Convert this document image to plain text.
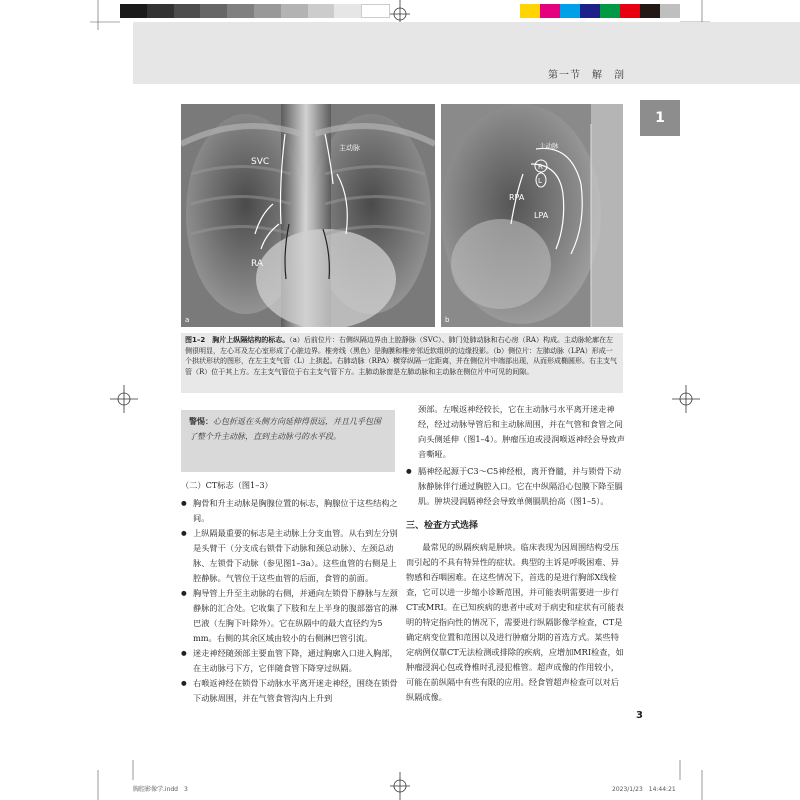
第一节　解　剖
1
SVC
主动脉
RA
a
主动脉
R
L
RPA
LPA
b
图1–2　胸片上纵隔结构的标志。（a）后前位片：右侧纵隔边界由上腔静脉（SVC）、肺门处肺动脉和右心房（RA）构成。主动脉轮廓在左侧很明显，左心耳及左心室形成了心脏边界。椎旁线（黑色）是胸膜和椎旁邻近软组织的边缘投影。（b）侧位片：左肺动脉（LPA）形成一个拱状形状的图形，在左主支气管（L）上拱起。右肺动脉（RPA）横穿纵隔一定距离，并在侧位片中端部出现，从而形成椭圆形。右主支气管（R）位于其上方。左主支气管位于右主支气管下方。主肺动脉窗是左肺动脉和主动脉在侧位片中可见的间隙。
警惕：心包折返在头侧方向延伸得很远，并且几乎包围了整个升主动脉，直到主动脉弓的水平段。

（二）CT标志（图1–3）

● 胸骨和升主动脉是胸腺位置的标志，胸腺位于这些结构之间。

● 上纵隔最重要的标志是主动脉上分支血管。从右到左分别是头臂干（分支成右锁骨下动脉和颈总动脉）、左颈总动脉、左锁骨下动脉（参见图1–3a）。这些血管的右侧是上腔静脉。气管位于这些血管的后面，食管的前面。

● 胸导管上升至主动脉的右侧，并通向左锁骨下静脉与左颈静脉的汇合处。它收集了下肢和左上半身的腹部器官的淋巴液（左胸下叶除外）。它在纵隔中的最大直径约为5 mm。右侧的其余区域由较小的右侧淋巴管引流。

● 迷走神经随颈部主要血管下降，通过胸廓入口进入胸部，在主动脉弓下方，它伴随食管下降穿过纵隔。

● 右喉返神经在锁骨下动脉水平离开迷走神经，围绕在锁骨下动脉周围，并在气管食管沟内上升到

颈部。左喉返神经较长，它在主动脉弓水平离开迷走神经，经过动脉导管后和主动脉周围，并在气管和食管之间向头侧延伸（图1–4）。肿瘤压迫或浸润喉返神经会导致声音嘶哑。

● 膈神经起源于C3～C5神经根，离开脊髓，并与锁骨下动脉静脉伴行通过胸腔入口。它在中纵隔沿心包膜下降至膈肌。肿块浸润膈神经会导致单侧膈肌抬高（图1–5）。

三、检查方式选择

最常见的纵隔疾病是肿块。临床表现为因周围结构受压而引起的不具有特异性的症状。典型的主诉是呼吸困难、异物感和吞咽困难。在这些情况下，首选的是进行胸部X线检查，它可以进一步缩小诊断范围，并可能表明需要进一步行CT或MRI。在已知疾病的患者中或对于病史和症状有可能表明的特定指向性的情况下，需要进行纵隔影像学检查，CT是确定病变位置和范围以及进行肿瘤分期的首选方式。某些特定病例仅靠CT无法检测或排除的疾病，应增加MRI检查，如肿瘤浸润心包或脊椎时孔浸犯椎管。超声成像的作用较小，可能在前纵隔中有些有限的应用。经食管超声检查可以对后纵隔成像。

3
胸腔影像学.indd　3	2023/1/23　14:44:21
